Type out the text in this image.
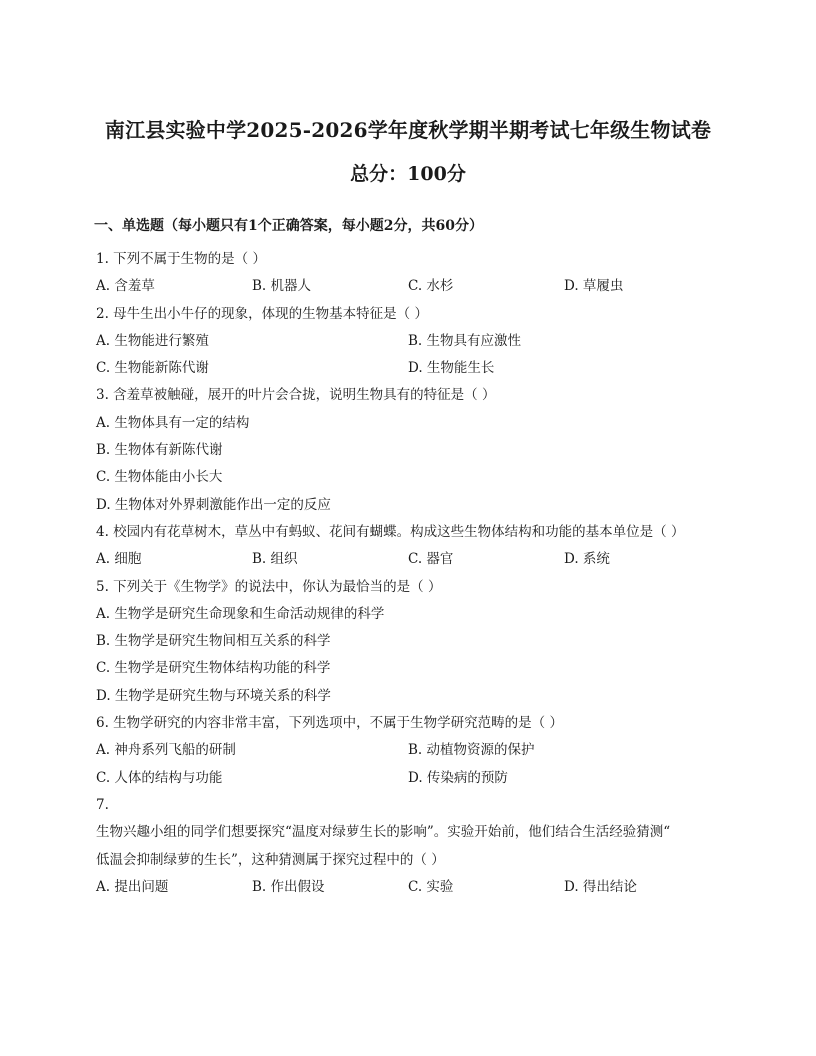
南江县实验中学2025-2026学年度秋学期半期考试七年级生物试卷
总分：100分
一、单选题（每小题只有1个正确答案，每小题2分，共60分）
1. 下列不属于生物的是（ ）
A. 含羞草	B. 机器人	C. 水杉	D. 草履虫
2. 母牛生出小牛仔的现象，体现的生物基本特征是（ ）
A. 生物能进行繁殖	B. 生物具有应激性
C. 生物能新陈代谢	D. 生物能生长
3. 含羞草被触碰，展开的叶片会合拢，说明生物具有的特征是（ ）
A. 生物体具有一定的结构
B. 生物体有新陈代谢
C. 生物体能由小长大
D. 生物体对外界刺激能作出一定的反应
4. 校园内有花草树木，草丛中有蚂蚁、花间有蝴蝶。构成这些生物体结构和功能的基本单位是（ ）
A. 细胞	B. 组织	C. 器官	D. 系统
5. 下列关于《生物学》的说法中，你认为最恰当的是（ ）
A. 生物学是研究生命现象和生命活动规律的科学
B. 生物学是研究生物间相互关系的科学
C. 生物学是研究生物体结构功能的科学
D. 生物学是研究生物与环境关系的科学
6. 生物学研究的内容非常丰富，下列选项中，不属于生物学研究范畴的是（ ）
A. 神舟系列飞船的研制	B. 动植物资源的保护
C. 人体的结构与功能	D. 传染病的预防
7.
生物兴趣小组的同学们想要探究“温度对绿萝生长的影响”。实验开始前，他们结合生活经验猜测“
低温会抑制绿萝的生长”，这种猜测属于探究过程中的（ ）
A. 提出问题	B. 作出假设	C. 实验	D. 得出结论
